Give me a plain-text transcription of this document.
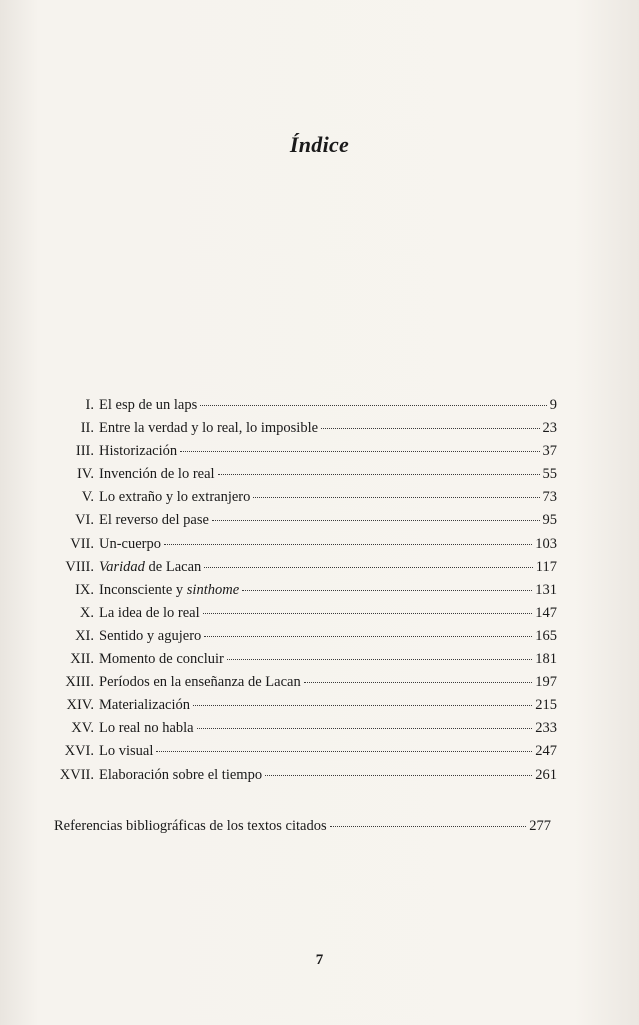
Índice
I. El esp de un laps	9
II. Entre la verdad y lo real, lo imposible	23
III. Historización	37
IV. Invención de lo real	55
V. Lo extraño y lo extranjero	73
VI. El reverso del pase	95
VII. Un-cuerpo	103
VIII. Varidad de Lacan	117
IX. Inconsciente y sinthome	131
X. La idea de lo real	147
XI. Sentido y agujero	165
XII. Momento de concluir	181
XIII. Períodos en la enseñanza de Lacan	197
XIV. Materialización	215
XV. Lo real no habla	233
XVI. Lo visual	247
XVII. Elaboración sobre el tiempo	261
Referencias bibliográficas de los textos citados	277
7
